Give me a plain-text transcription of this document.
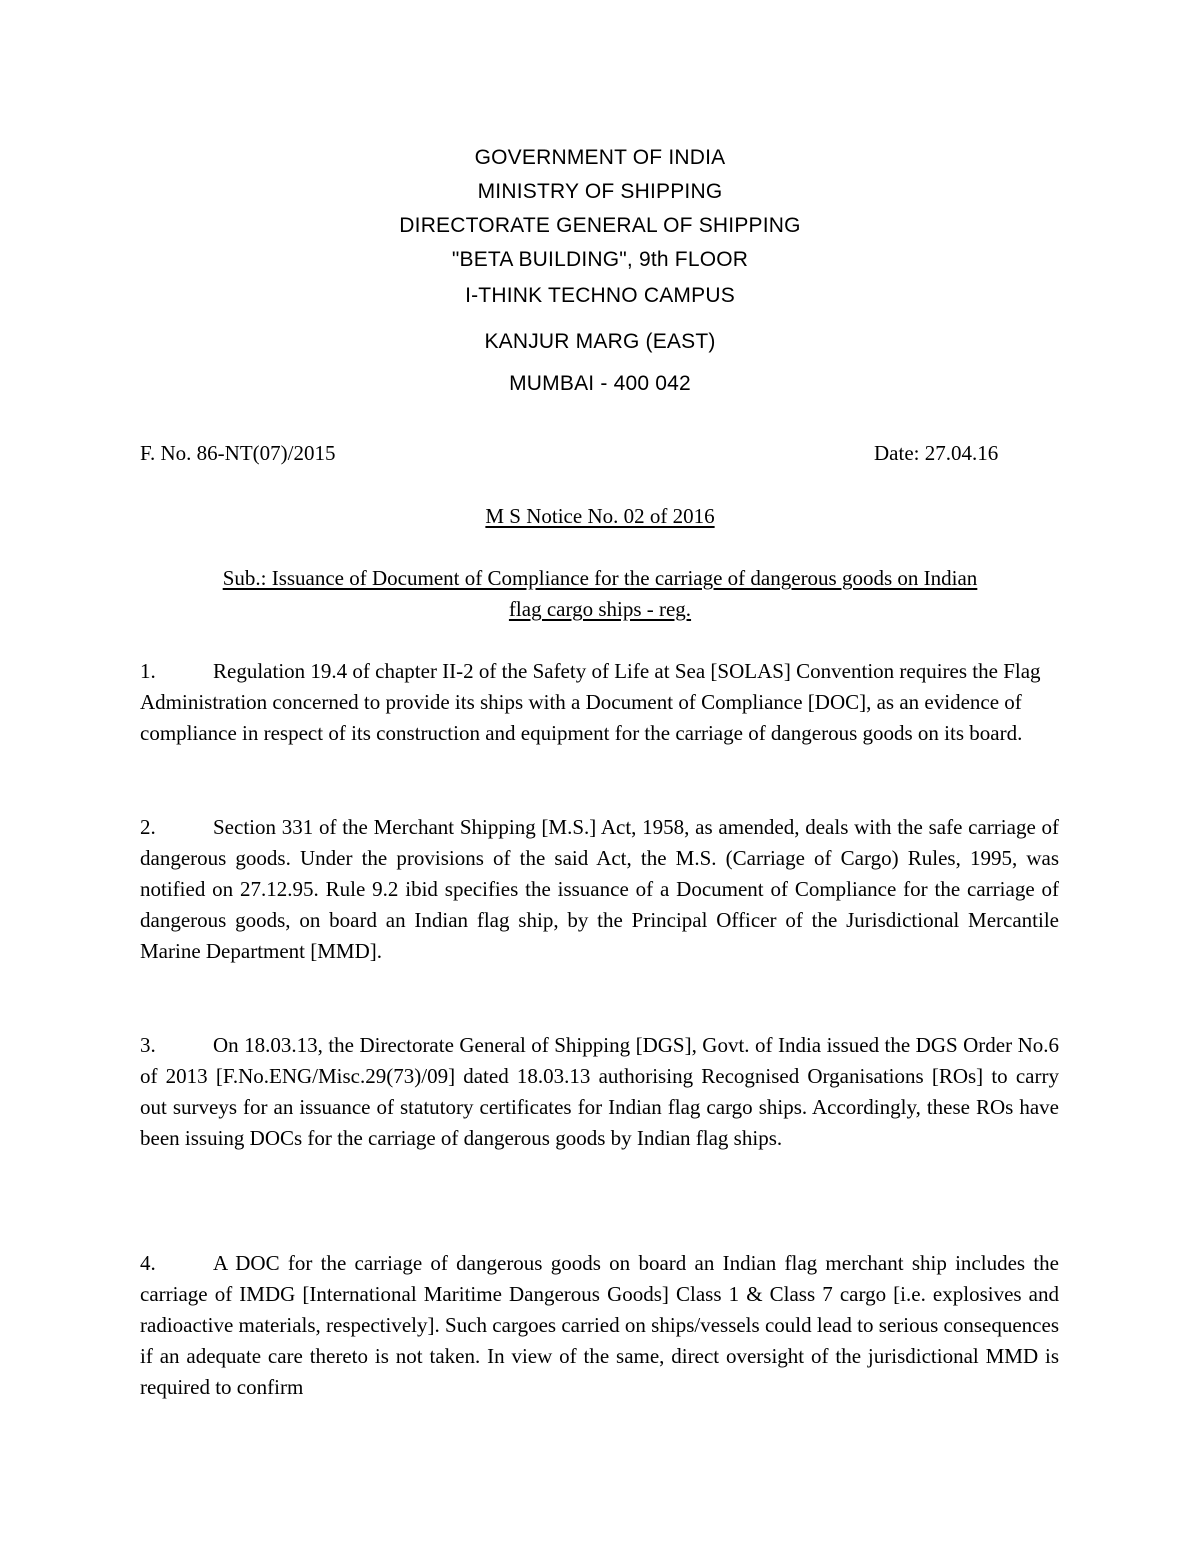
GOVERNMENT OF INDIA
MINISTRY OF SHIPPING
DIRECTORATE GENERAL OF SHIPPING
"BETA BUILDING", 9th FLOOR
I-THINK TECHNO CAMPUS
KANJUR MARG (EAST)
MUMBAI - 400 042
F. No. 86-NT(07)/2015	Date: 27.04.16
M S Notice No. 02 of 2016
Sub.: Issuance of Document of Compliance for the carriage of dangerous goods on Indian
flag cargo ships - reg.
1.	Regulation 19.4 of chapter II-2 of the Safety of Life at Sea [SOLAS] Convention requires the Flag Administration concerned to provide its ships with a Document of Compliance [DOC], as an evidence of compliance in respect of its construction and equipment for the carriage of dangerous goods on its board.
2.	Section 331 of the Merchant Shipping [M.S.] Act, 1958, as amended, deals with the safe carriage of dangerous goods. Under the provisions of the said Act, the M.S. (Carriage of Cargo) Rules, 1995, was notified on 27.12.95. Rule 9.2 ibid specifies the issuance of a Document of Compliance for the carriage of dangerous goods, on board an Indian flag ship, by the Principal Officer of the Jurisdictional Mercantile Marine Department [MMD].
3.	On 18.03.13, the Directorate General of Shipping [DGS], Govt. of India issued the DGS Order No.6 of 2013 [F.No.ENG/Misc.29(73)/09] dated 18.03.13 authorising Recognised Organisations [ROs] to carry out surveys for an issuance of statutory certificates for Indian flag cargo ships. Accordingly, these ROs have been issuing DOCs for the carriage of dangerous goods by Indian flag ships.
4.	A DOC for the carriage of dangerous goods on board an Indian flag merchant ship includes the carriage of IMDG [International Maritime Dangerous Goods] Class 1 & Class 7 cargo [i.e. explosives and radioactive materials, respectively]. Such cargoes carried on ships/vessels could lead to serious consequences if an adequate care thereto is not taken. In view of the same, direct oversight of the jurisdictional MMD is required to confirm
